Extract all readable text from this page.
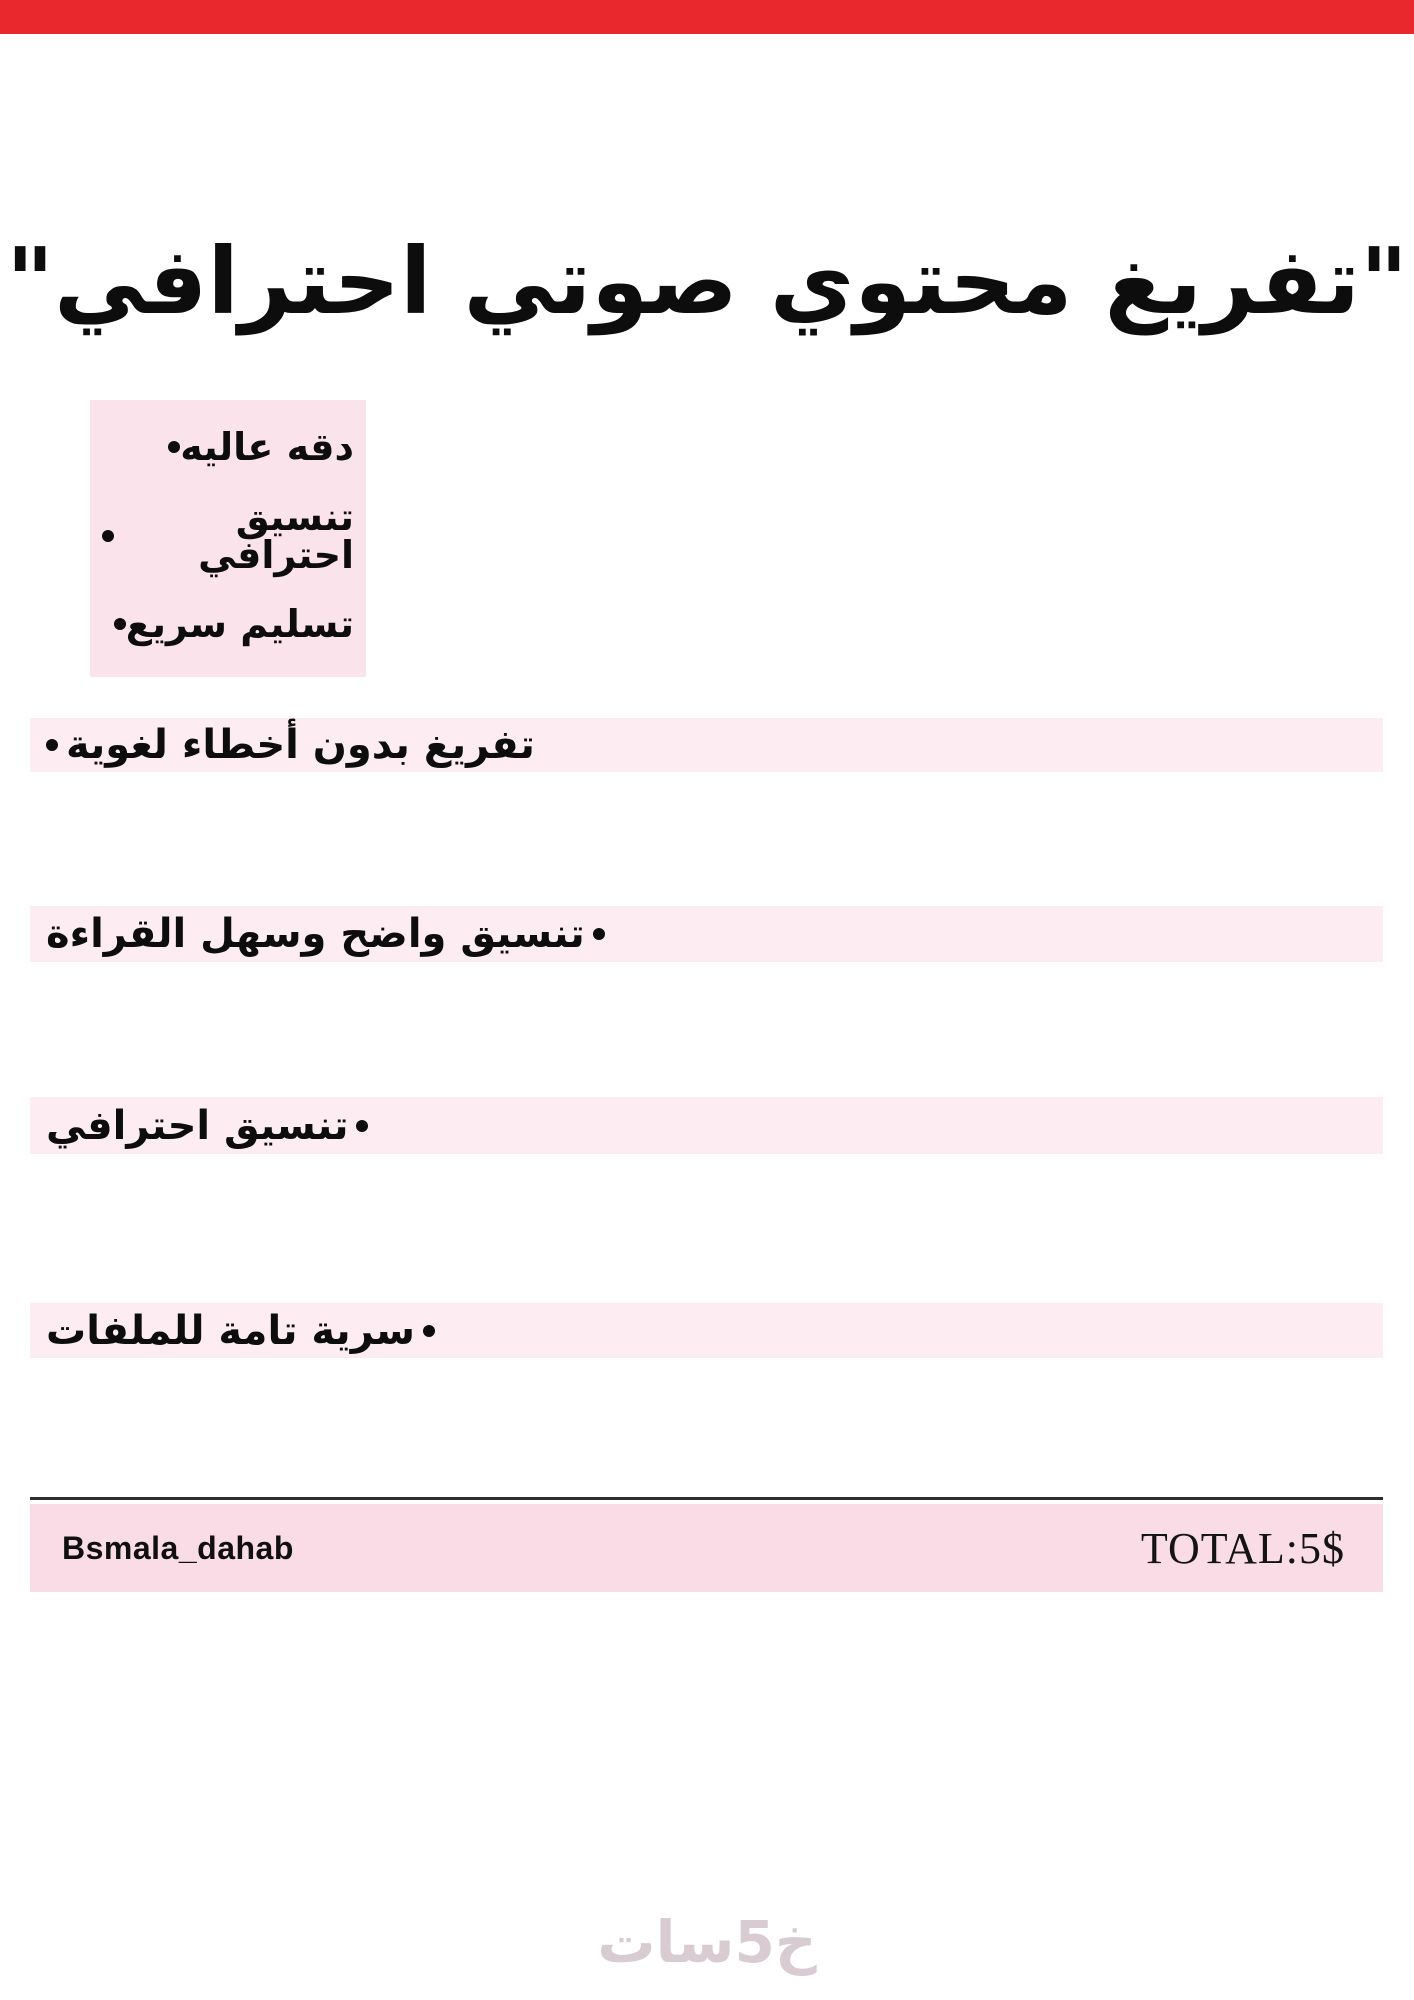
"تفريغ محتوي صوتي احترافي"
دقه عاليه
تنسيق احترافي
تسليم سريع
تفريغ بدون أخطاء لغوية
تنسيق واضح وسهل القراءة
تنسيق احترافي
سرية تامة للملفات
Bsmala_dahab	TOTAL:5$
خ5سات
